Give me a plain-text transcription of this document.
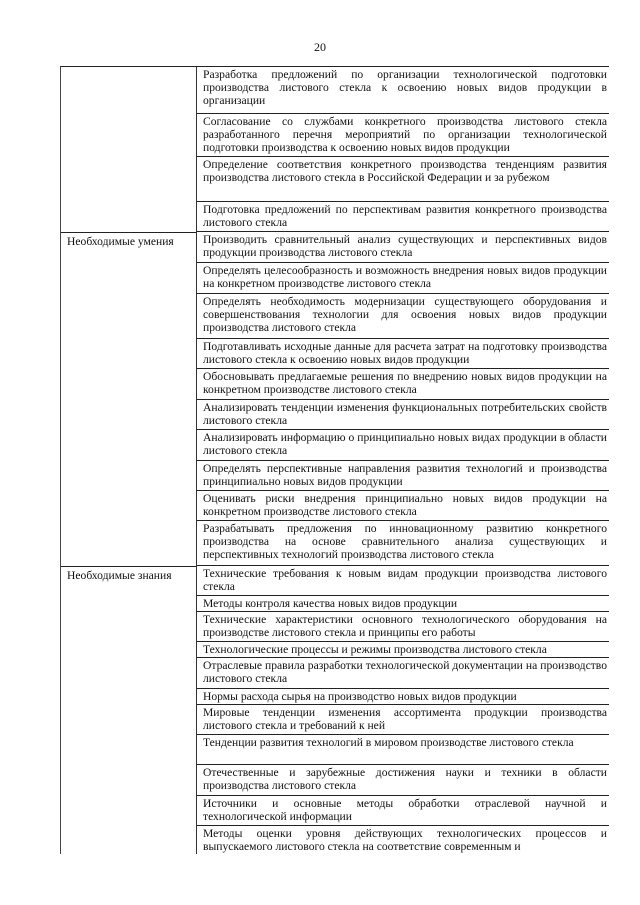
20
Разработка предложений по организации технологической подготовки производства листового стекла к освоению новых видов продукции в организации
Согласование со службами конкретного производства листового стекла разработанного перечня мероприятий по организации технологической подготовки производства к освоению новых видов продукции
Определение соответствия конкретного производства тенденциям развития производства листового стекла в Российской Федерации и за рубежом
Подготовка предложений по перспективам развития конкретного производства листового стекла
Необходимые умения	Производить сравнительный анализ существующих и перспективных видов продукции производства листового стекла
Определять целесообразность и возможность внедрения новых видов продукции на конкретном производстве листового стекла
Определять необходимость модернизации существующего оборудования и совершенствования технологии для освоения новых видов продукции производства листового стекла
Подготавливать исходные данные для расчета затрат на подготовку производства листового стекла к освоению новых видов продукции
Обосновывать предлагаемые решения по внедрению новых видов продукции на конкретном производстве листового стекла
Анализировать тенденции изменения функциональных потребительских свойств листового стекла
Анализировать информацию о принципиально новых видах продукции в области листового стекла
Определять перспективные направления развития технологий и производства принципиально новых видов продукции
Оценивать риски внедрения принципиально новых видов продукции на конкретном производстве листового стекла
Разрабатывать предложения по инновационному развитию конкретного производства на основе сравнительного анализа существующих и перспективных технологий производства листового стекла
Необходимые знания	Технические требования к новым видам продукции производства листового стекла
Методы контроля качества новых видов продукции
Технические характеристики основного технологического оборудования на производстве листового стекла и принципы его работы
Технологические процессы и режимы производства листового стекла
Отраслевые правила разработки технологической документации на производство листового стекла
Нормы расхода сырья на производство новых видов продукции
Мировые тенденции изменения ассортимента продукции производства листового стекла и требований к ней
Тенденции развития технологий в мировом производстве листового стекла
Отечественные и зарубежные достижения науки и техники в области производства листового стекла
Источники и основные методы обработки отраслевой научной и технологической информации
Методы оценки уровня действующих технологических процессов и выпускаемого листового стекла на соответствие современным и
